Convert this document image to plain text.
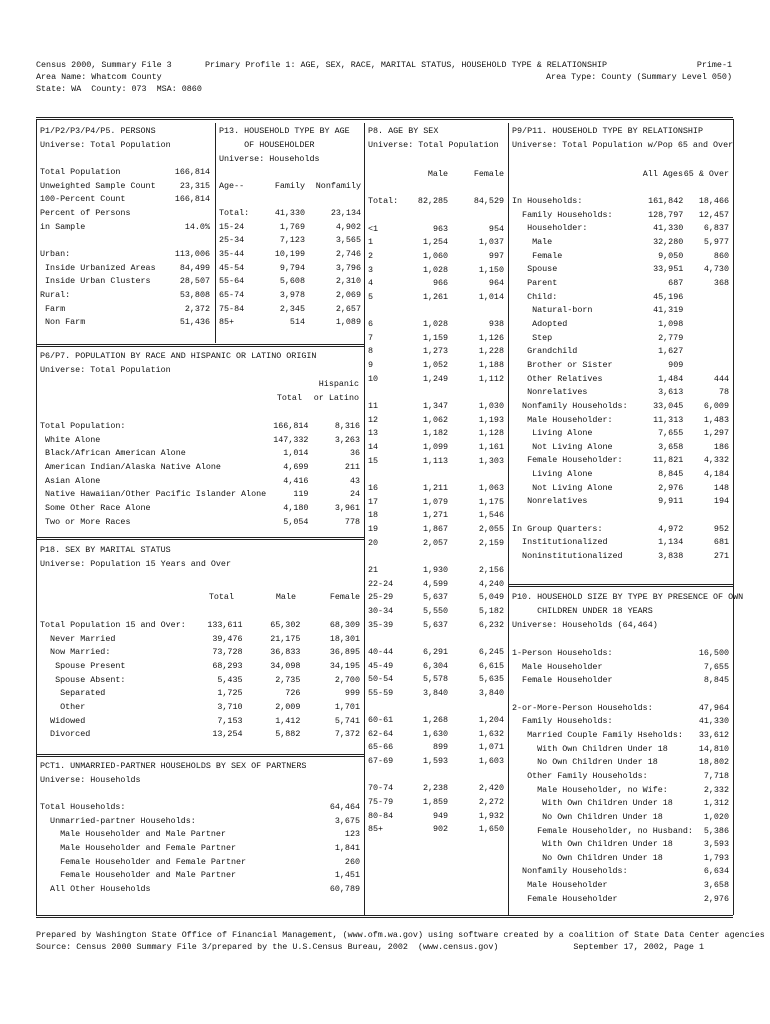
Census 2000, Summary File 3	Primary Profile 1: AGE, SEX, RACE, MARITAL STATUS, HOUSEHOLD TYPE & RELATIONSHIP	Prime-1
Area Name: Whatcom County	Area Type: County (Summary Level 050)
State: WA  County: 073  MSA: 0860
P1/P2/P3/P4/P5. PERSONS
Universe: Total Population
Total Population	166,814
Unweighted Sample Count	23,315
100-Percent Count	166,814
Percent of Persons	
in Sample	14.0%

Urban:	113,006
Inside Urbanized Areas	84,499
Inside Urban Clusters	28,507
Rural:	53,808
Farm	2,372
Non Farm	51,436
P13. HOUSEHOLD TYPE BY AGE
OF HOUSEHOLDER
Universe: Households
Age--	Family	Nonfamily
Total:	41,330	23,134
15-24	1,769	4,902
25-34	7,123	3,565
35-44	10,199	2,746
45-54	9,794	3,796
55-64	5,608	2,310
65-74	3,978	2,069
75-84	2,345	2,657
85+	514	1,089
P6/P7. POPULATION BY RACE AND HISPANIC OR LATINO ORIGIN
Universe: Total Population
Hispanic
Total or Latino
Total Population:	166,814	8,316
White Alone	147,332	3,263
Black/African American Alone	1,014	36
American Indian/Alaska Native Alone	4,699	211
Asian Alone	4,416	43
Native Hawaiian/Other Pacific Islander Alone	119	24
Some Other Race Alone	4,180	3,961
Two or More Races	5,054	778
P18. SEX BY MARITAL STATUS
Universe: Population 15 Years and Over
	Total	Male	Female
Total Population 15 and Over:	133,611	65,302	68,309
Never Married	39,476	21,175	18,301
Now Married:	73,728	36,833	36,895
Spouse Present	68,293	34,098	34,195
Spouse Absent:	5,435	2,735	2,700
Separated	1,725	726	999
Other	3,710	2,009	1,701
Widowed	7,153	1,412	5,741
Divorced	13,254	5,882	7,372
PCT1. UNMARRIED-PARTNER HOUSEHOLDS BY SEX OF PARTNERS
Universe: Households
Total Households:	64,464
Unmarried-partner Households:	3,675
Male Householder and Male Partner	123
Male Householder and Female Partner	1,841
Female Householder and Female Partner	260
Female Householder and Male Partner	1,451
All Other Households	60,789
P8. AGE BY SEX
Universe: Total Population
	Male	Female

Total:	82,285	84,529

<1	963	954
1	1,254	1,037
2	1,060	997
3	1,028	1,150
4	966	964
5	1,261	1,014

6	1,028	938
7	1,159	1,126
8	1,273	1,228
9	1,052	1,188
10	1,249	1,112

11	1,347	1,030
12	1,062	1,193
13	1,182	1,128
14	1,099	1,161
15	1,113	1,303

16	1,211	1,063
17	1,079	1,175
18	1,271	1,546
19	1,867	2,055
20	2,057	2,159

21	1,930	2,156
22-24	4,599	4,240
25-29	5,637	5,049
30-34	5,550	5,182
35-39	5,637	6,232

40-44	6,291	6,245
45-49	6,304	6,615
50-54	5,578	5,635
55-59	3,840	3,840

60-61	1,268	1,204
62-64	1,630	1,632
65-66	899	1,071
67-69	1,593	1,603

70-74	2,238	2,420
75-79	1,859	2,272
80-84	949	1,932
85+	902	1,650
P9/P11. HOUSEHOLD TYPE BY RELATIONSHIP
Universe: Total Population w/Pop 65 and Over
	All Ages	65 & Over
In Households:	161,842	18,466
Family Households:	128,797	12,457
Householder:	41,330	6,837
Male	32,280	5,977
Female	9,050	860
Spouse	33,951	4,730
Parent	687	368
Child:	45,196	
Natural-born	41,319	
Adopted	1,098	
Step	2,779	
Grandchild	1,627	
Brother or Sister	909	
Other Relatives	1,484	444
Nonrelatives	3,613	78
Nonfamily Households:	33,045	6,009
Male Householder:	11,313	1,483
Living Alone	7,655	1,297
Not Living Alone	3,658	186
Female Householder:	11,821	4,332
Living Alone	8,845	4,184
Not Living Alone	2,976	148
Nonrelatives	9,911	194

In Group Quarters:	4,972	952
Institutionalized	1,134	681
Noninstitutionalized	3,838	271
P10. HOUSEHOLD SIZE BY TYPE BY PRESENCE OF OWN
CHILDREN UNDER 18 YEARS
Universe: Households (64,464)
1-Person Households:	16,500
Male Householder	7,655
Female Householder	8,845

2-or-More-Person Households:	47,964
Family Households:	41,330
Married Couple Family Hseholds:	33,612
With Own Children Under 18	14,810
No Own Children Under 18	18,802
Other Family Households:	7,718
Male Householder, no Wife:	2,332
With Own Children Under 18	1,312
No Own Children Under 18	1,020
Female Householder, no Husband:	5,386
With Own Children Under 18	3,593
No Own Children Under 18	1,793
Nonfamily Households:	6,634
Male Householder	3,658
Female Householder	2,976
Prepared by Washington State Office of Financial Management, (www.ofm.wa.gov) using software created by a coalition of State Data Center agencies
Source: Census 2000 Summary File 3/prepared by the U.S.Census Bureau, 2002  (www.census.gov)	September 17, 2002, Page 1
